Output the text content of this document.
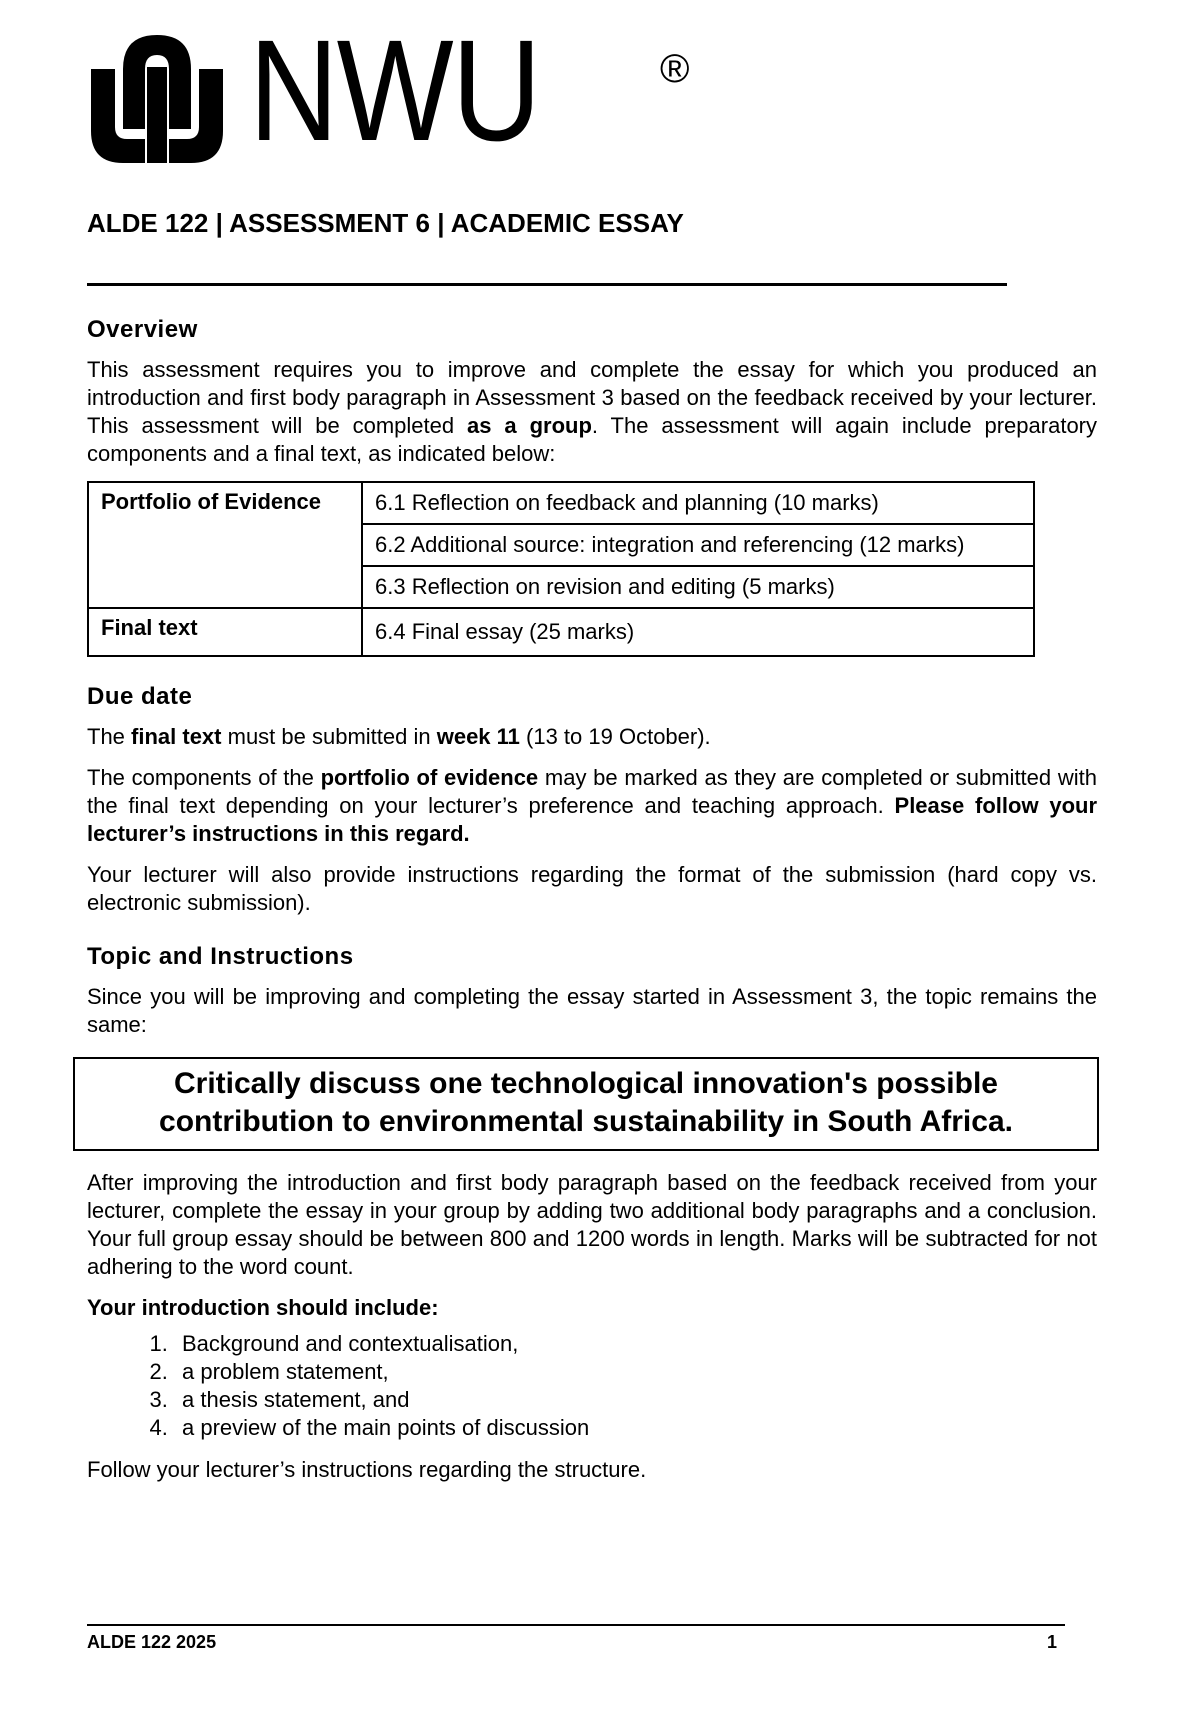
NWU	®
ALDE 122 | ASSESSMENT 6 | ACADEMIC ESSAY
Overview

This assessment requires you to improve and complete the essay for which you produced an introduction and first body paragraph in Assessment 3 based on the feedback received by your lecturer. This assessment will be completed as a group. The assessment will again include preparatory components and a final text, as indicated below:

Portfolio of Evidence	6.1 Reflection on feedback and planning (10 marks)
	6.2 Additional source: integration and referencing (12 marks)
	6.3 Reflection on revision and editing (5 marks)
Final text	6.4 Final essay (25 marks)
Due date

The final text must be submitted in week 11 (13 to 19 October).

The components of the portfolio of evidence may be marked as they are completed or submitted with the final text depending on your lecturer’s preference and teaching approach. Please follow your lecturer’s instructions in this regard.

Your lecturer will also provide instructions regarding the format of the submission (hard copy vs. electronic submission).

Topic and Instructions

Since you will be improving and completing the essay started in Assessment 3, the topic remains the same:

Critically discuss one technological innovation's possible
contribution to environmental sustainability in South Africa.

After improving the introduction and first body paragraph based on the feedback received from your lecturer, complete the essay in your group by adding two additional body paragraphs and a conclusion. Your full group essay should be between 800 and 1200 words in length. Marks will be subtracted for not adhering to the word count.

Your introduction should include:

1. Background and contextualisation,
2. a problem statement,
3. a thesis statement, and
4. a preview of the main points of discussion

Follow your lecturer’s instructions regarding the structure.

ALDE 122 2025	1
